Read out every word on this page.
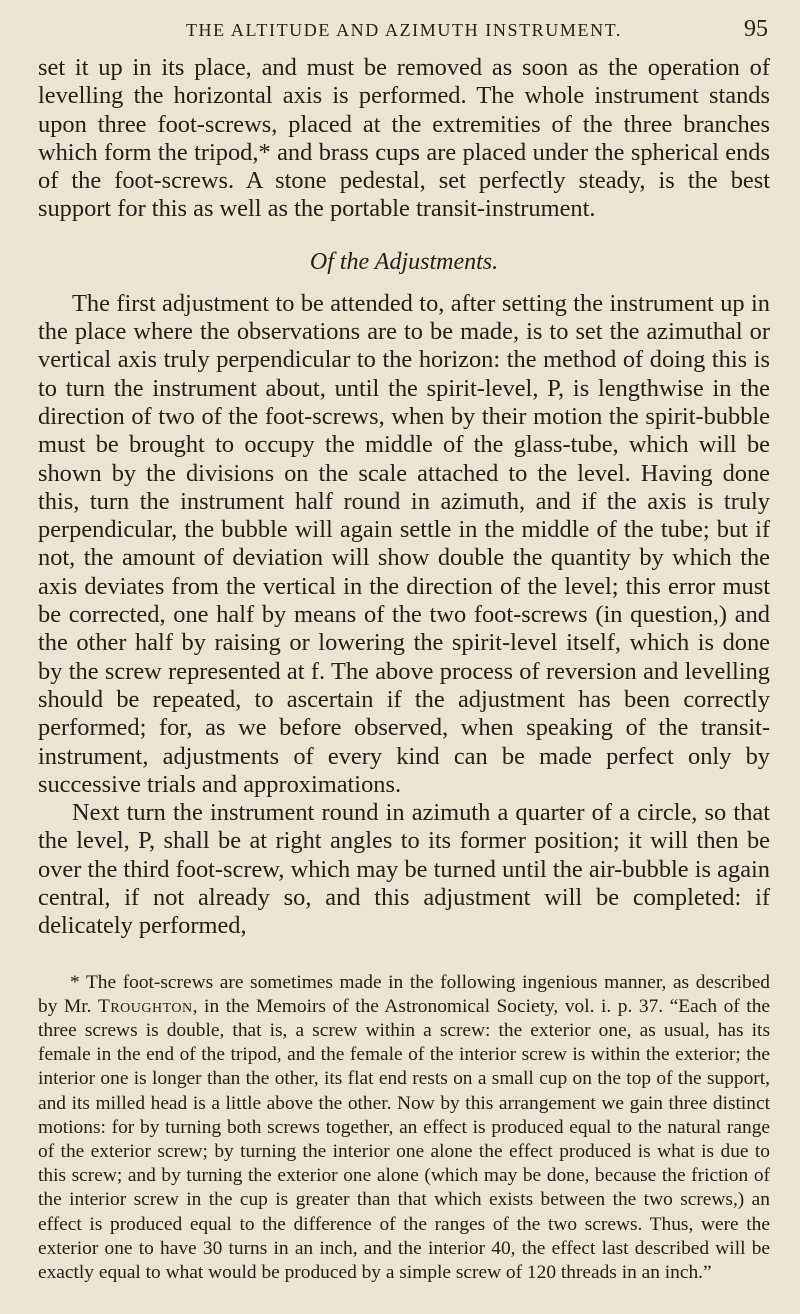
THE ALTITUDE AND AZIMUTH INSTRUMENT.	95

set it up in its place, and must be removed as soon as the operation of levelling the horizontal axis is performed. The whole instrument stands upon three foot-screws, placed at the extremities of the three branches which form the tripod,* and brass cups are placed under the spherical ends of the foot-screws. A stone pedestal, set perfectly steady, is the best support for this as well as the portable transit-instrument.

Of the Adjustments.

The first adjustment to be attended to, after setting the instrument up in the place where the observations are to be made, is to set the azimuthal or vertical axis truly perpendicular to the horizon: the method of doing this is to turn the instrument about, until the spirit-level, P, is lengthwise in the direction of two of the foot-screws, when by their motion the spirit-bubble must be brought to occupy the middle of the glass-tube, which will be shown by the divisions on the scale attached to the level. Having done this, turn the instrument half round in azimuth, and if the axis is truly perpendicular, the bubble will again settle in the middle of the tube; but if not, the amount of deviation will show double the quantity by which the axis deviates from the vertical in the direction of the level; this error must be corrected, one half by means of the two foot-screws (in question,) and the other half by raising or lowering the spirit-level itself, which is done by the screw represented at f. The above process of reversion and levelling should be repeated, to ascertain if the adjustment has been correctly performed; for, as we before observed, when speaking of the transit-instrument, adjustments of every kind can be made perfect only by successive trials and approximations.

Next turn the instrument round in azimuth a quarter of a circle, so that the level, P, shall be at right angles to its former position; it will then be over the third foot-screw, which may be turned until the air-bubble is again central, if not already so, and this adjustment will be completed: if delicately performed,

* The foot-screws are sometimes made in the following ingenious manner, as described by Mr. Troughton, in the Memoirs of the Astronomical Society, vol. i. p. 37. “Each of the three screws is double, that is, a screw within a screw: the exterior one, as usual, has its female in the end of the tripod, and the female of the interior screw is within the exterior; the interior one is longer than the other, its flat end rests on a small cup on the top of the support, and its milled head is a little above the other. Now by this arrangement we gain three distinct motions: for by turning both screws together, an effect is produced equal to the natural range of the exterior screw; by turning the interior one alone the effect produced is what is due to this screw; and by turning the exterior one alone (which may be done, because the friction of the interior screw in the cup is greater than that which exists between the two screws,) an effect is produced equal to the difference of the ranges of the two screws. Thus, were the exterior one to have 30 turns in an inch, and the interior 40, the effect last described will be exactly equal to what would be produced by a simple screw of 120 threads in an inch.”
